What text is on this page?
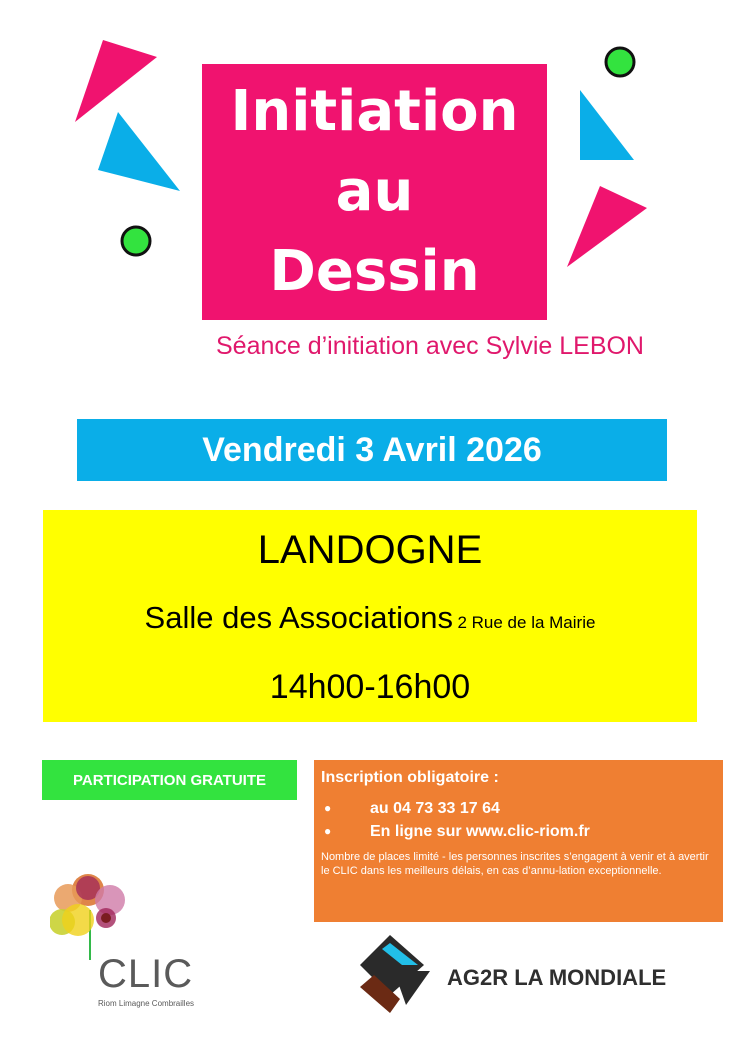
Initiation
au
Dessin
Séance d’initiation avec Sylvie LEBON
Vendredi 3 Avril 2026
LANDOGNE
Salle des Associations 2 Rue de la Mairie
14h00-16h00
PARTICIPATION GRATUITE	Inscription obligatoire :
● au 04 73 33 17 64
● En ligne sur www.clic-riom.fr
Nombre de places limité - les personnes inscrites s’engagent à venir et à avertir le CLIC dans les meilleurs délais, en cas d’annu-lation exceptionnelle.
CLIC
Riom Limagne Combrailles
AG2R LA MONDIALE
